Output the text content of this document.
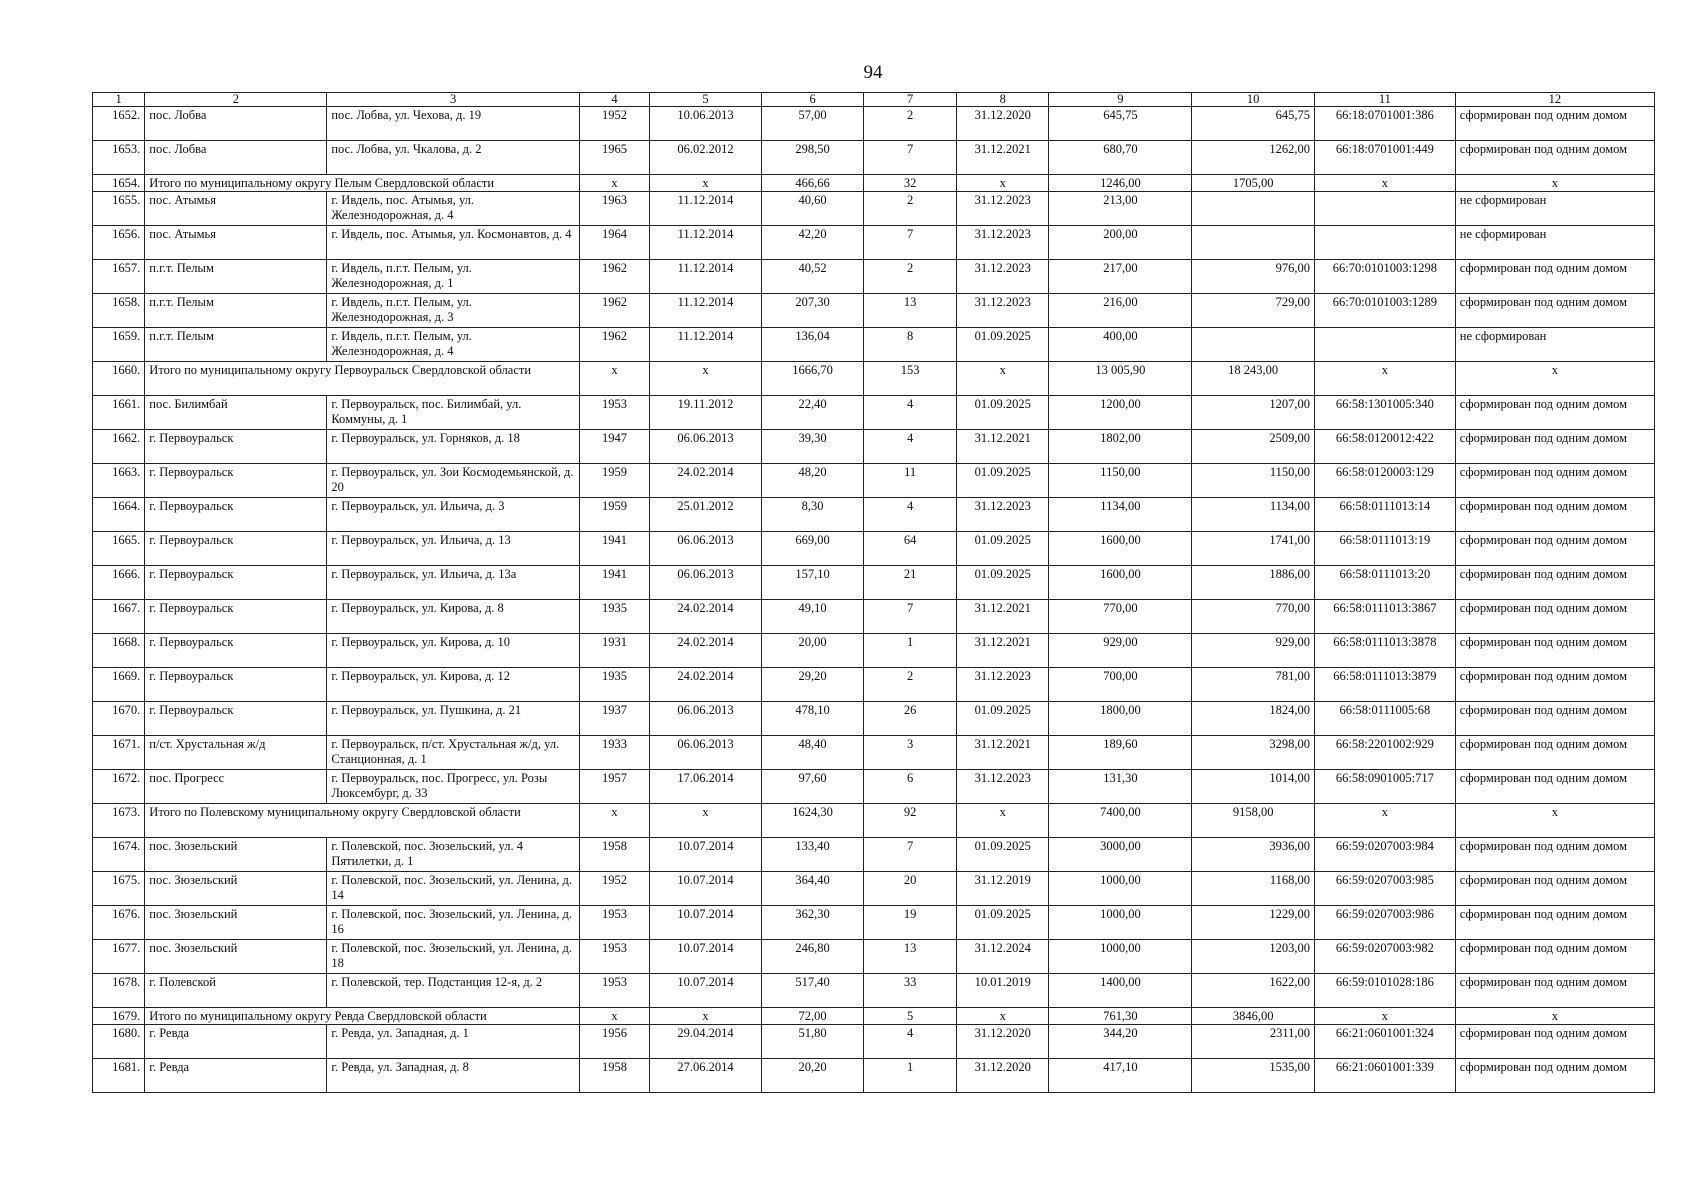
94
1	2	3	4	5	6	7	8	9	10	11	12
1652.	пос. Лобва	пос. Лобва, ул. Чехова, д. 19	1952	10.06.2013	57,00	2	31.12.2020	645,75	645,75	66:18:0701001:386	сформирован под одним домом
1653.	пос. Лобва	пос. Лобва, ул. Чкалова, д. 2	1965	06.02.2012	298,50	7	31.12.2021	680,70	1262,00	66:18:0701001:449	сформирован под одним домом
1654.	Итого по муниципальному округу Пелым Свердловской области		x	x	466,66	32	x	1246,00	1705,00	x	x
1655.	пос. Атымья	г. Ивдель, пос. Атымья, ул. Железнодорожная, д. 4	1963	11.12.2014	40,60	2	31.12.2023	213,00			не сформирован
1656.	пос. Атымья	г. Ивдель, пос. Атымья, ул. Космонавтов, д. 4	1964	11.12.2014	42,20	7	31.12.2023	200,00			не сформирован
1657.	п.г.т. Пелым	г. Ивдель, п.г.т. Пелым, ул. Железнодорожная, д. 1	1962	11.12.2014	40,52	2	31.12.2023	217,00	976,00	66:70:0101003:1298	сформирован под одним домом
1658.	п.г.т. Пелым	г. Ивдель, п.г.т. Пелым, ул. Железнодорожная, д. 3	1962	11.12.2014	207,30	13	31.12.2023	216,00	729,00	66:70:0101003:1289	сформирован под одним домом
1659.	п.г.т. Пелым	г. Ивдель, п.г.т. Пелым, ул. Железнодорожная, д. 4	1962	11.12.2014	136,04	8	01.09.2025	400,00			не сформирован
1660.	Итого по муниципальному округу Первоуральск Свердловской области		x	x	1666,70	153	x	13 005,90	18 243,00	x	x
1661.	пос. Билимбай	г. Первоуральск, пос. Билимбай, ул. Коммуны, д. 1	1953	19.11.2012	22,40	4	01.09.2025	1200,00	1207,00	66:58:1301005:340	сформирован под одним домом
1662.	г. Первоуральск	г. Первоуральск, ул. Горняков, д. 18	1947	06.06.2013	39,30	4	31.12.2021	1802,00	2509,00	66:58:0120012:422	сформирован под одним домом
1663.	г. Первоуральск	г. Первоуральск, ул. Зои Космодемьянской, д. 20	1959	24.02.2014	48,20	11	01.09.2025	1150,00	1150,00	66:58:0120003:129	сформирован под одним домом
1664.	г. Первоуральск	г. Первоуральск, ул. Ильича, д. 3	1959	25.01.2012	8,30	4	31.12.2023	1134,00	1134,00	66:58:0111013:14	сформирован под одним домом
1665.	г. Первоуральск	г. Первоуральск, ул. Ильича, д. 13	1941	06.06.2013	669,00	64	01.09.2025	1600,00	1741,00	66:58:0111013:19	сформирован под одним домом
1666.	г. Первоуральск	г. Первоуральск, ул. Ильича, д. 13а	1941	06.06.2013	157,10	21	01.09.2025	1600,00	1886,00	66:58:0111013:20	сформирован под одним домом
1667.	г. Первоуральск	г. Первоуральск, ул. Кирова, д. 8	1935	24.02.2014	49,10	7	31.12.2021	770,00	770,00	66:58:0111013:3867	сформирован под одним домом
1668.	г. Первоуральск	г. Первоуральск, ул. Кирова, д. 10	1931	24.02.2014	20,00	1	31.12.2021	929,00	929,00	66:58:0111013:3878	сформирован под одним домом
1669.	г. Первоуральск	г. Первоуральск, ул. Кирова, д. 12	1935	24.02.2014	29,20	2	31.12.2023	700,00	781,00	66:58:0111013:3879	сформирован под одним домом
1670.	г. Первоуральск	г. Первоуральск, ул. Пушкина, д. 21	1937	06.06.2013	478,10	26	01.09.2025	1800,00	1824,00	66:58:0111005:68	сформирован под одним домом
1671.	п/ст. Хрустальная ж/д	г. Первоуральск, п/ст. Хрустальная ж/д, ул. Станционная, д. 1	1933	06.06.2013	48,40	3	31.12.2021	189,60	3298,00	66:58:2201002:929	сформирован под одним домом
1672.	пос. Прогресс	г. Первоуральск, пос. Прогресс, ул. Розы Люксембург, д. 33	1957	17.06.2014	97,60	6	31.12.2023	131,30	1014,00	66:58:0901005:717	сформирован под одним домом
1673.	Итого по Полевскому муниципальному округу Свердловской области		x	x	1624,30	92	x	7400,00	9158,00	x	x
1674.	пос. Зюзельский	г. Полевской, пос. Зюзельский, ул. 4 Пятилетки, д. 1	1958	10.07.2014	133,40	7	01.09.2025	3000,00	3936,00	66:59:0207003:984	сформирован под одним домом
1675.	пос. Зюзельский	г. Полевской, пос. Зюзельский, ул. Ленина, д. 14	1952	10.07.2014	364,40	20	31.12.2019	1000,00	1168,00	66:59:0207003:985	сформирован под одним домом
1676.	пос. Зюзельский	г. Полевской, пос. Зюзельский, ул. Ленина, д. 16	1953	10.07.2014	362,30	19	01.09.2025	1000,00	1229,00	66:59:0207003:986	сформирован под одним домом
1677.	пос. Зюзельский	г. Полевской, пос. Зюзельский, ул. Ленина, д. 18	1953	10.07.2014	246,80	13	31.12.2024	1000,00	1203,00	66:59:0207003:982	сформирован под одним домом
1678.	г. Полевской	г. Полевской, тер. Подстанция 12-я, д. 2	1953	10.07.2014	517,40	33	10.01.2019	1400,00	1622,00	66:59:0101028:186	сформирован под одним домом
1679.	Итого по муниципальному округу Ревда Свердловской области		x	x	72,00	5	x	761,30	3846,00	x	x
1680.	г. Ревда	г. Ревда, ул. Западная, д. 1	1956	29.04.2014	51,80	4	31.12.2020	344,20	2311,00	66:21:0601001:324	сформирован под одним домом
1681.	г. Ревда	г. Ревда, ул. Западная, д. 8	1958	27.06.2014	20,20	1	31.12.2020	417,10	1535,00	66:21:0601001:339	сформирован под одним домом
